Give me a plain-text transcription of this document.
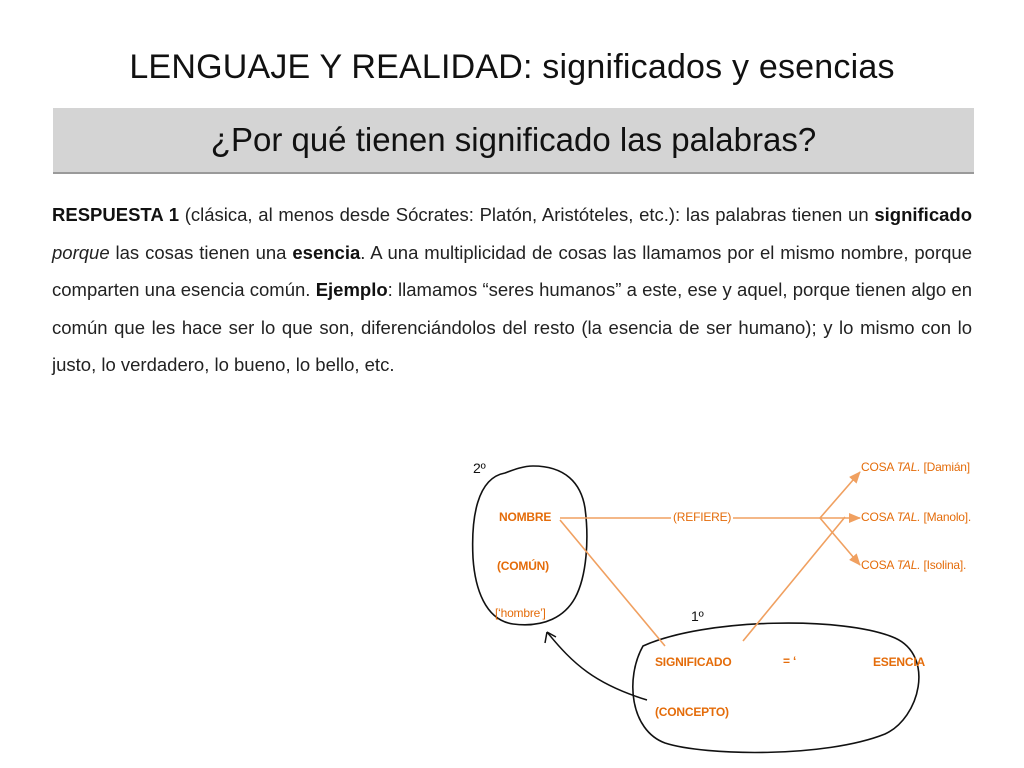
LENGUAJE Y REALIDAD: significados y esencias
¿Por qué tienen significado las palabras?
RESPUESTA 1 (clásica, al menos desde Sócrates: Platón, Aristóteles, etc.): las palabras tienen un significado porque las cosas tienen una esencia. A una multiplicidad de cosas las llamamos por el mismo nombre, porque comparten una esencia común. Ejemplo: llamamos “seres humanos” a este, ese y aquel, porque tienen algo en común que les hace ser lo que son, diferenciándolos del resto (la esencia de ser humano); y lo mismo con lo justo, lo verdadero, lo bueno, lo bello, etc.
2º
1º
NOMBRE
(COMÚN)
[‘hombre’]
(REFIERE)
COSA TAL. [Damián]
COSA TAL. [Manolo].
COSA TAL. [Isolina].
SIGNIFICADO	= ‘	ESENCIA
(CONCEPTO)
